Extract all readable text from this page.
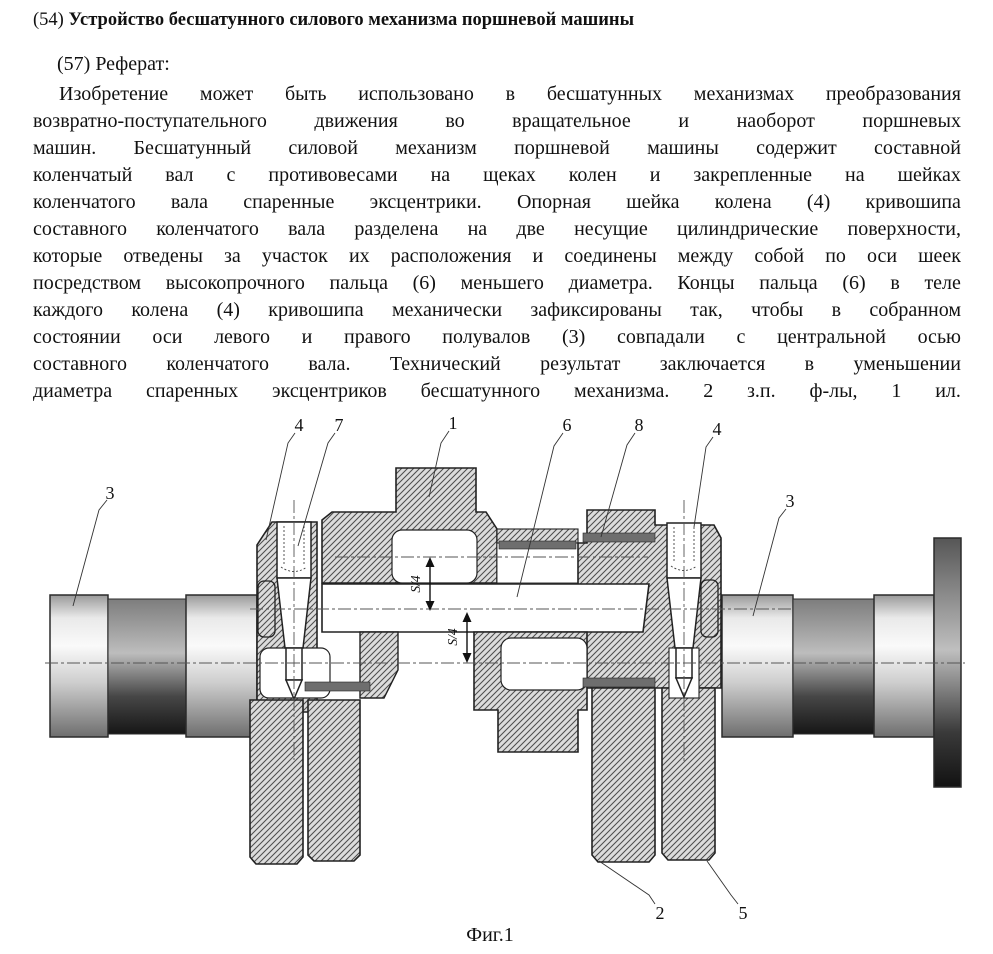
(54) Устройство бесшатунного силового механизма поршневой машины
(57) Реферат:
Изобретение может быть использовано в бесшатунных механизмах преобразования
возвратно-поступательного движения во вращательное и наоборот поршневых
машин. Бесшатунный силовой механизм поршневой машины содержит составной
коленчатый вал с противовесами на щеках колен и закрепленные на шейках
коленчатого вала спаренные эксцентрики. Опорная шейка колена (4) кривошипа
составного коленчатого вала разделена на две несущие цилиндрические поверхности,
которые отведены за участок их расположения и соединены между собой по оси шеек
посредством высокопрочного пальца (6) меньшего диаметра. Концы пальца (6) в теле
каждого колена (4) кривошипа механически зафиксированы так, чтобы в собранном
состоянии оси левого и правого полувалов (3) совпадали с центральной осью
составного коленчатого вала. Технический результат заключается в уменьшении
диаметра спаренных эксцентриков бесшатунного механизма. 2 з.п. ф-лы, 1 ил.
S/4
S/4
3
4 7	1	6	8	4
3
2	5
Фиг.1
